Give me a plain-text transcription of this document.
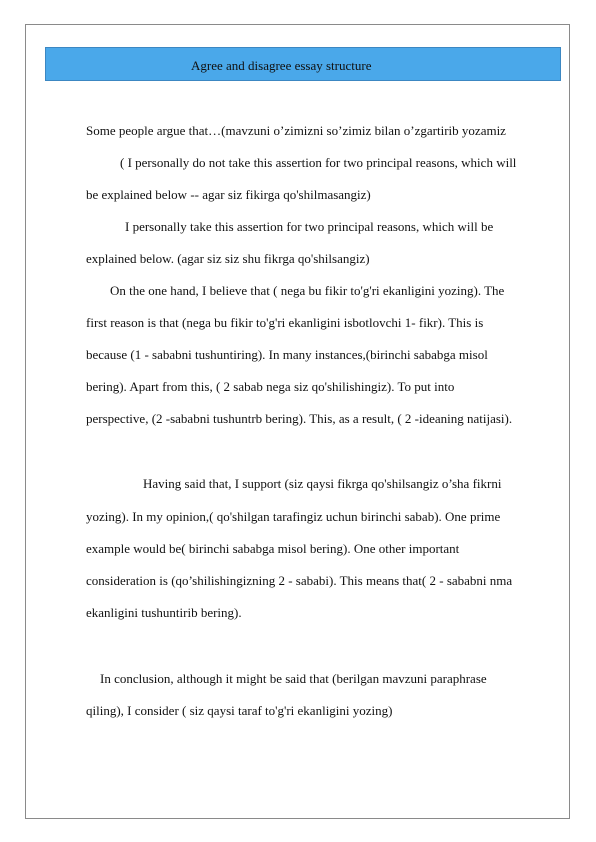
Agree and disagree essay structure
Some people argue that…(mavzuni o’zimizni so’zimiz bilan o’zgartirib yozamiz
( I personally do not take this assertion for two principal reasons, which will
be explained below -- agar siz fikirga qo'shilmasangiz)
I personally take this assertion for two principal reasons, which will be
explained below. (agar siz siz shu fikrga qo'shilsangiz)
On the one hand, I believe that ( nega bu fikir to'g'ri ekanligini yozing). The
first reason is that (nega bu fikir to'g'ri ekanligini isbotlovchi 1- fikr). This is
because (1 - sababni tushuntiring). In many instances,(birinchi sababga misol
bering). Apart from this, ( 2 sabab nega siz qo'shilishingiz). To put into
perspective, (2 -sababni tushuntrb bering). This, as a result, ( 2 -ideaning natijasi).
Having said that, I support (siz qaysi fikrga qo'shilsangiz o’sha fikrni
yozing). In my opinion,( qo'shilgan tarafingiz uchun birinchi sabab). One prime
example would be( birinchi sababga misol bering). One other important
consideration is (qo’shilishingizning 2 - sababi). This means that( 2 - sababni nma
ekanligini tushuntirib bering).
In conclusion, although it might be said that (berilgan mavzuni paraphrase
qiling), I consider ( siz qaysi taraf to'g'ri ekanligini yozing)
